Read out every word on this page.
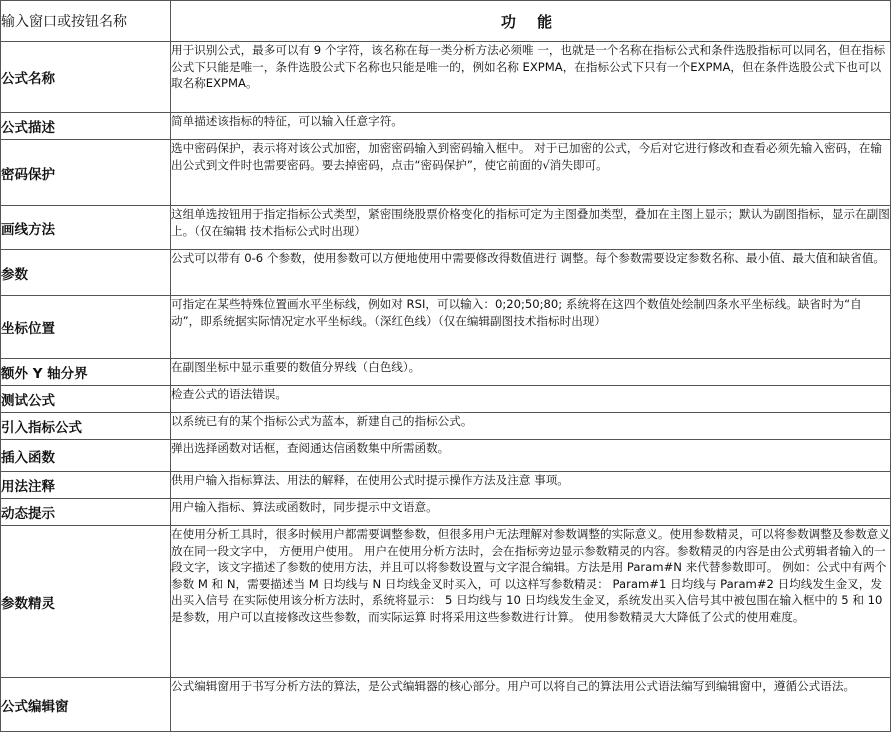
输入窗口或按钮名称	功 能
公式名称	用于识别公式，最多可以有 9 个字符，该名称在每一类分析方法必须唯 一，也就是一个名称在指标公式和条件选股指标可以同名，但在指标公式下只能是唯一，条件选股公式下名称也只能是唯一的，例如名称 EXPMA，在指标公式下只有一个EXPMA，但在条件选股公式下也可以取名称EXPMA。
公式描述	简单描述该指标的特征，可以输入任意字符。
密码保护	选中密码保护，表示将对该公式加密，加密密码输入到密码输入框中。 对于已加密的公式，今后对它进行修改和查看必须先输入密码，在输出公式到文件时也需要密码。要去掉密码，点击“密码保护”，使它前面的√消失即可。
画线方法	这组单选按钮用于指定指标公式类型，紧密围绕股票价格变化的指标可定为主图叠加类型，叠加在主图上显示；默认为副图指标，显示在副图上。（仅在编辑 技术指标公式时出现）
参数	公式可以带有 0-6 个参数，使用参数可以方便地使用中需要修改得数值进行 调整。每个参数需要设定参数名称、最小值、最大值和缺省值。
坐标位置	可指定在某些特殊位置画水平坐标线，例如对 RSI，可以输入：0;20;50;80; 系统将在这四个数值处绘制四条水平坐标线。缺省时为“自动”，即系统据实际情况定水平坐标线。（深红色线）（仅在编辑副图技术指标时出现）
额外 Y 轴分界	在副图坐标中显示重要的数值分界线（白色线）。
测试公式	检查公式的语法错误。
引入指标公式	以系统已有的某个指标公式为蓝本，新建自己的指标公式。
插入函数	弹出选择函数对话框，查阅通达信函数集中所需函数。
用法注释	供用户输入指标算法、用法的解释，在使用公式时提示操作方法及注意 事项。
动态提示	用户输入指标、算法或函数时，同步提示中文语意。
参数精灵	在使用分析工具时，很多时候用户都需要调整参数，但很多用户无法理解对参数调整的实际意义。使用参数精灵，可以将参数调整及参数意义放在同一段文字中， 方便用户使用。 用户在使用分析方法时，会在指标旁边显示参数精灵的内容。参数精灵的内容是由公式剪辑者输入的一段文字，该文字描述了参数的使用方法，并且可以将参数设置与文字混合编辑。方法是用 Param#N 来代替参数即可。 例如：公式中有两个参数 M 和 N，需要描述当 M 日均线与 N 日均线金叉时买入，可 以这样写参数精灵： Param#1 日均线与 Param#2 日均线发生金叉，发出买入信号 在实际使用该分析方法时，系统将显示： 5 日均线与 10 日均线发生金叉，系统发出买入信号其中被包围在输入框中的 5 和 10 是参数，用户可以直接修改这些参数，而实际运算 时将采用这些参数进行计算。 使用参数精灵大大降低了公式的使用难度。
公式编辑窗	公式编辑窗用于书写分析方法的算法，是公式编辑器的核心部分。用户可以将自己的算法用公式语法编写到编辑窗中，遵循公式语法。
